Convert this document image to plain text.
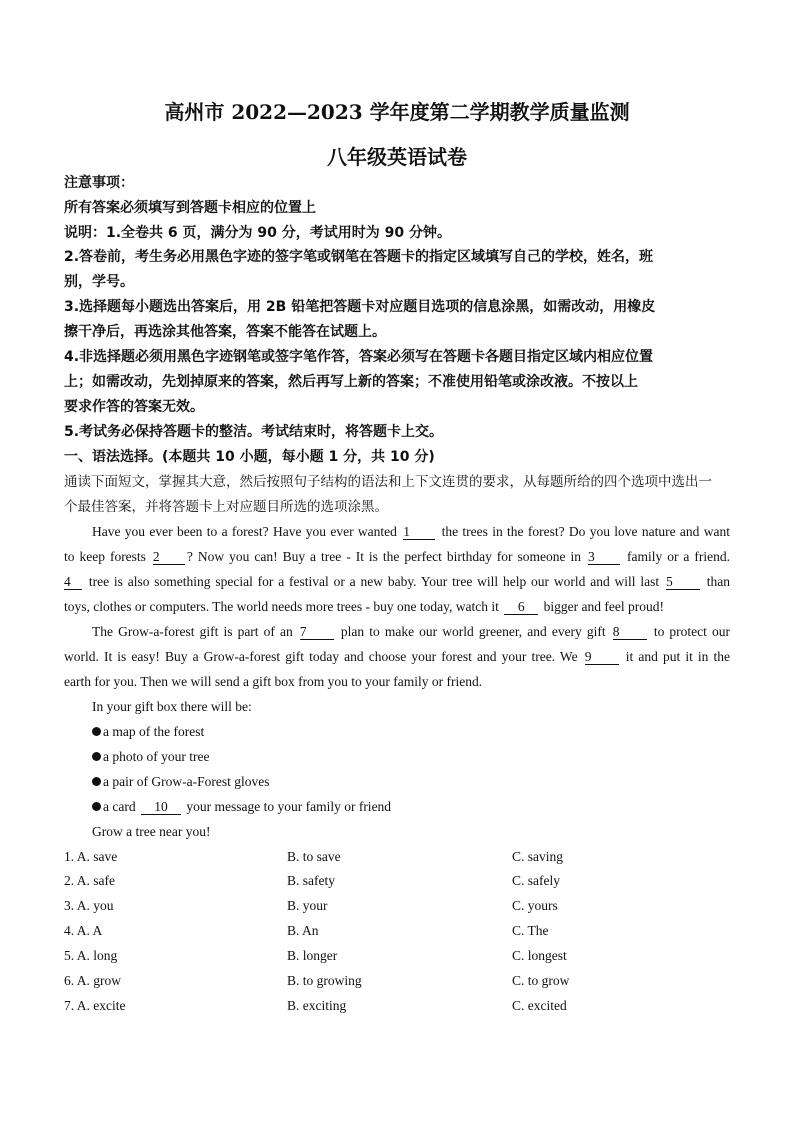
高州市 2022—2023 学年度第二学期教学质量监测
八年级英语试卷
注意事项：
所有答案必须填写到答题卡相应的位置上
说明：1.全卷共 6 页，满分为 90 分，考试用时为 90 分钟。
2.答卷前，考生务必用黑色字迹的签字笔或钢笔在答题卡的指定区域填写自己的学校，姓名，班
别，学号。
3.选择题每小题选出答案后，用 2B 铅笔把答题卡对应题目选项的信息涂黑，如需改动，用橡皮
擦干净后，再选涂其他答案，答案不能答在试题上。
4.非选择题必须用黑色字迹钢笔或签字笔作答，答案必须写在答题卡各题目指定区域内相应位置
上；如需改动，先划掉原来的答案，然后再写上新的答案；不准使用铅笔或涂改液。不按以上
要求作答的答案无效。
5.考试务必保持答题卡的整洁。考试结束时，将答题卡上交。
一、语法选择。(本题共 10 小题，每小题 1 分，共 10 分)
通读下面短文，掌握其大意，然后按照句子结构的语法和上下文连贯的要求，从每题所给的四个选项中选出一
个最佳答案，并将答题卡上对应题目所选的选项涂黑。
Have you ever been to a forest? Have you ever wanted 1 the trees in the forest? Do you love nature and want
to keep forests 2 ? Now you can! Buy a tree - It is the perfect birthday for someone in 3 family or a friend.
4 tree is also something special for a festival or a new baby. Your tree will help our world and will last 5	than
toys, clothes or computers. The world needs more trees - buy one today, watch it 6 bigger and feel proud!
The Grow-a-forest gift is part of an 7	plan to make our world greener, and every gift 8	to protect our
world. It is easy! Buy a Grow-a-forest gift today and choose your forest and your tree. We 9	it and put it in the
earth for you. Then we will send a gift box from you to your family or friend.
In your gift box there will be:
a map of the forest
a photo of your tree
a pair of Grow-a-Forest gloves
a card 10 your message to your family or friend
Grow a tree near you!
1. A. save	B. to save	C. saving
2. A. safe	B. safety	C. safely
3. A. you	B. your	C. yours
4. A. A	B. An	C. The
5. A. long	B. longer	C. longest
6. A. grow	B. to growing	C. to grow
7. A. excite	B. exciting	C. excited
